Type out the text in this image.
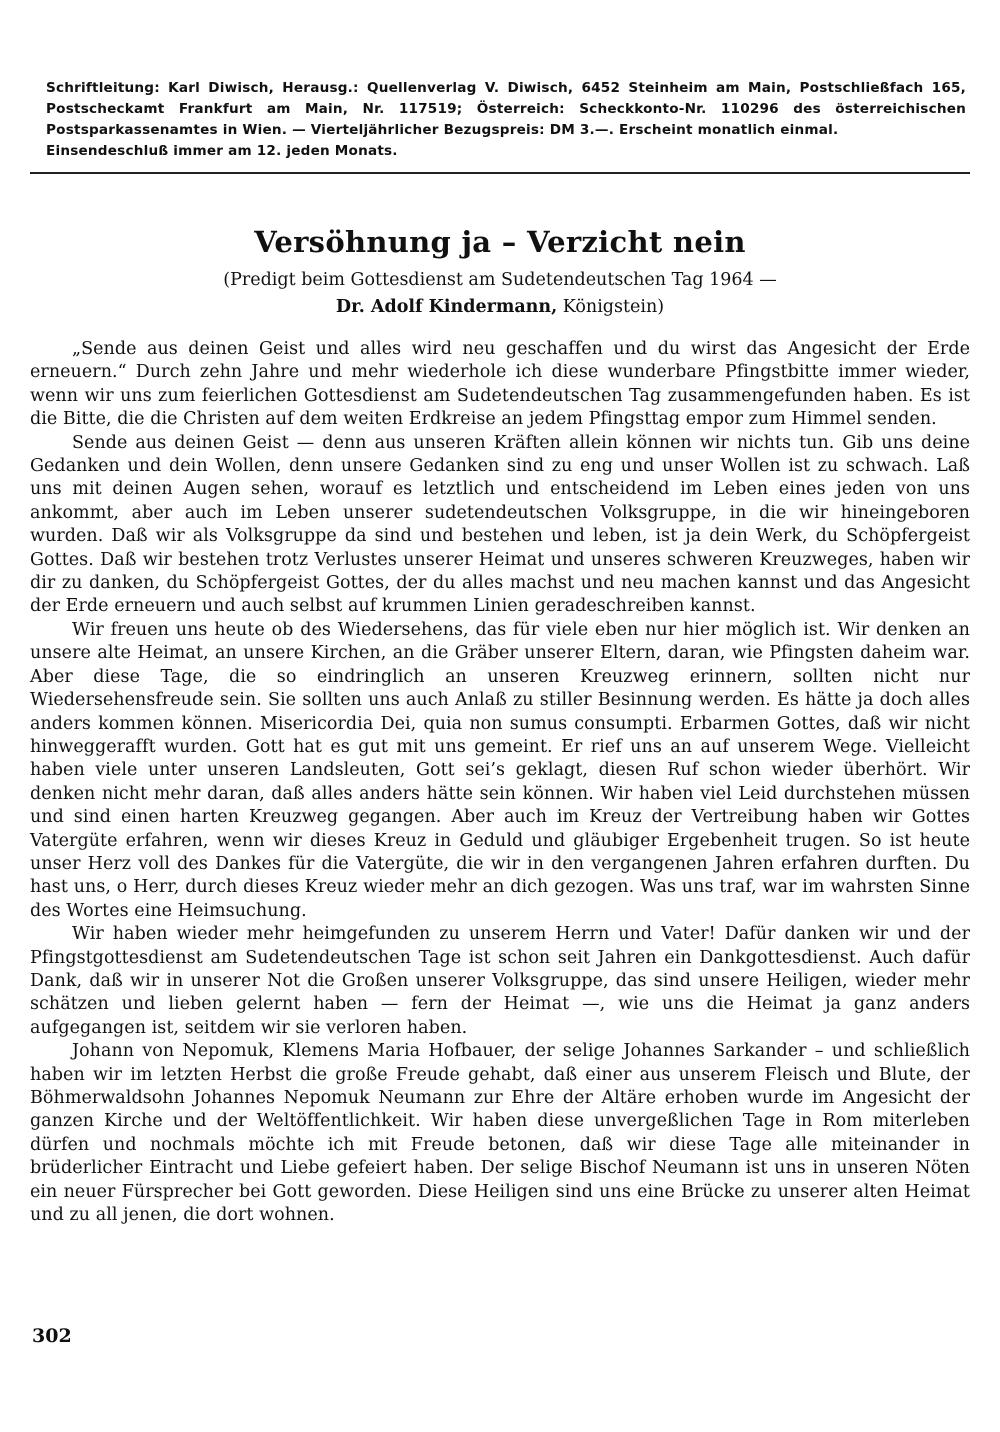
Schriftleitung: Karl Diwisch, Herausg.: Quellenverlag V. Diwisch, 6452 Steinheim am Main, Postschließfach 165, Postscheckamt Frankfurt am Main, Nr. 117519; Österreich: Scheckkonto-Nr. 110296 des österreichischen Postsparkassenamtes in Wien. — Vierteljährlicher Bezugspreis: DM 3.—. Erscheint monatlich einmal.
Einsendeschluß immer am 12. jeden Monats.
Versöhnung ja – Verzicht nein
(Predigt beim Gottesdienst am Sudetendeutschen Tag 1964 —
Dr. Adolf Kindermann, Königstein)

„Sende aus deinen Geist und alles wird neu geschaffen und du wirst das Angesicht der Erde erneuern.“ Durch zehn Jahre und mehr wiederhole ich diese wunderbare Pfingstbitte immer wieder, wenn wir uns zum feierlichen Gottesdienst am Sudetendeutschen Tag zusammengefunden haben. Es ist die Bitte, die die Christen auf dem weiten Erdkreise an jedem Pfingsttag empor zum Himmel senden.

Sende aus deinen Geist — denn aus unseren Kräften allein können wir nichts tun. Gib uns deine Gedanken und dein Wollen, denn unsere Gedanken sind zu eng und unser Wollen ist zu schwach. Laß uns mit deinen Augen sehen, worauf es letztlich und entscheidend im Leben eines jeden von uns ankommt, aber auch im Leben unserer sudetendeutschen Volksgruppe, in die wir hineingeboren wurden. Daß wir als Volksgruppe da sind und bestehen und leben, ist ja dein Werk, du Schöpfergeist Gottes. Daß wir bestehen trotz Verlustes unserer Heimat und unseres schweren Kreuzweges, haben wir dir zu danken, du Schöpfergeist Gottes, der du alles machst und neu machen kannst und das Angesicht der Erde erneuern und auch selbst auf krummen Linien geradeschreiben kannst.

Wir freuen uns heute ob des Wiedersehens, das für viele eben nur hier möglich ist. Wir denken an unsere alte Heimat, an unsere Kirchen, an die Gräber unserer Eltern, daran, wie Pfingsten daheim war. Aber diese Tage, die so eindringlich an unseren Kreuzweg erinnern, sollten nicht nur Wiedersehensfreude sein. Sie sollten uns auch Anlaß zu stiller Besinnung werden. Es hätte ja doch alles anders kommen können. Misericordia Dei, quia non sumus consumpti. Erbarmen Gottes, daß wir nicht hinweggerafft wurden. Gott hat es gut mit uns gemeint. Er rief uns an auf unserem Wege. Vielleicht haben viele unter unseren Landsleuten, Gott sei’s geklagt, diesen Ruf schon wieder überhört. Wir denken nicht mehr daran, daß alles anders hätte sein können. Wir haben viel Leid durchstehen müssen und sind einen harten Kreuzweg gegangen. Aber auch im Kreuz der Vertreibung haben wir Gottes Vatergüte erfahren, wenn wir dieses Kreuz in Geduld und gläubiger Ergebenheit trugen. So ist heute unser Herz voll des Dankes für die Vatergüte, die wir in den vergangenen Jahren erfahren durften. Du hast uns, o Herr, durch dieses Kreuz wieder mehr an dich gezogen. Was uns traf, war im wahrsten Sinne des Wortes eine Heimsuchung.

Wir haben wieder mehr heimgefunden zu unserem Herrn und Vater! Dafür danken wir und der Pfingstgottesdienst am Sudetendeutschen Tage ist schon seit Jahren ein Dankgottesdienst. Auch dafür Dank, daß wir in unserer Not die Großen unserer Volksgruppe, das sind unsere Heiligen, wieder mehr schätzen und lieben gelernt haben — fern der Heimat —, wie uns die Heimat ja ganz anders aufgegangen ist, seitdem wir sie verloren haben.

Johann von Nepomuk, Klemens Maria Hofbauer, der selige Johannes Sarkander – und schließlich haben wir im letzten Herbst die große Freude gehabt, daß einer aus unserem Fleisch und Blute, der Böhmerwaldsohn Johannes Nepomuk Neumann zur Ehre der Altäre erhoben wurde im Angesicht der ganzen Kirche und der Weltöffentlichkeit. Wir haben diese unvergeßlichen Tage in Rom miterleben dürfen und nochmals möchte ich mit Freude betonen, daß wir diese Tage alle miteinander in brüderlicher Eintracht und Liebe gefeiert haben. Der selige Bischof Neumann ist uns in unseren Nöten ein neuer Fürsprecher bei Gott geworden. Diese Heiligen sind uns eine Brücke zu unserer alten Heimat und zu all jenen, die dort wohnen.

302
